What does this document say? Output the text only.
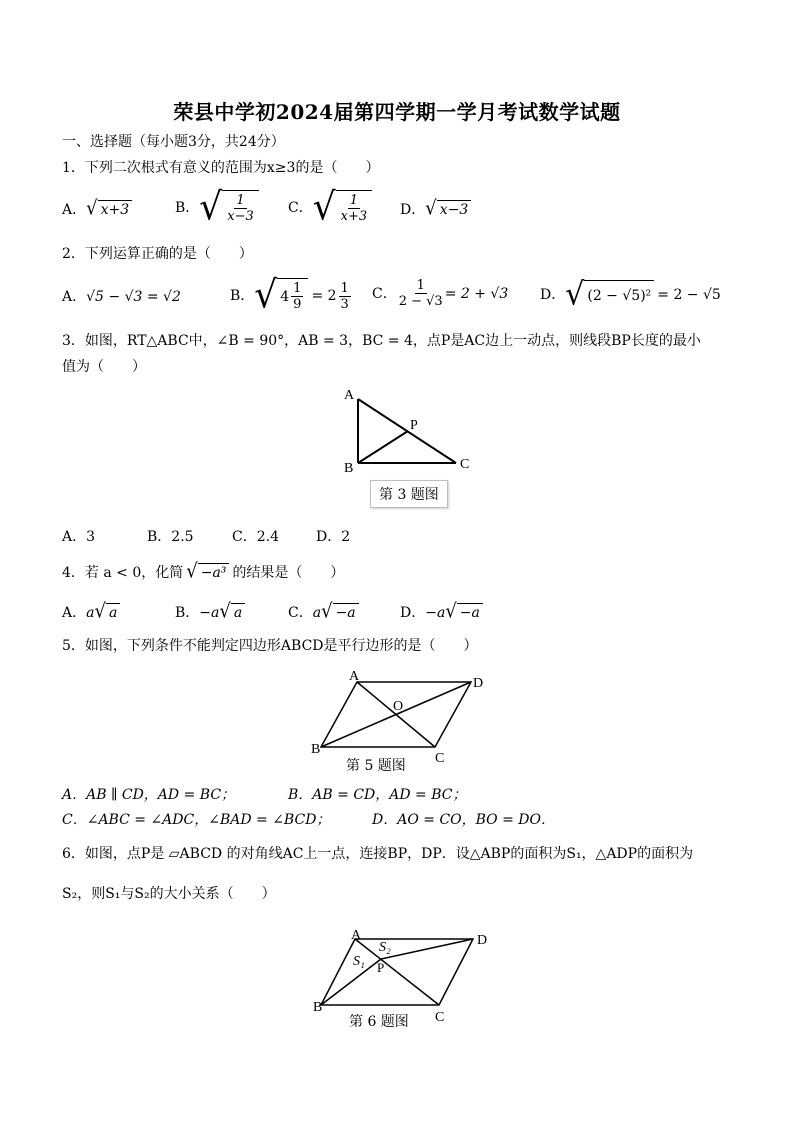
荣县中学初2024届第四学期一学月考试数学试题
一、选择题（每小题3分，共24分）
1．下列二次根式有意义的范围为x≥3的是（　　）
A． √ x+3	B． √ $\frac{1}{x-3}$ C． √ $\frac{1}{x+3}$ D． √ x−3
2．下列运算正确的是（　　）
A． √5 − √3 = √2	B． √ $4 \frac{1}{9} = 2 \frac{1}{3}$ C． $\frac{1}{2 - √3} = 2 + √3$ D． √ (2 − √5)² = 2 − √5
3．如图，RT△ABC中，∠B = 90°，AB = 3，BC = 4，点P是AC边上一动点，则线段BP长度的最小
值为（　　）
A
B	C
P
第 3 题图
A．3	B．2.5	C．2.4	D．2
4．若 a < 0，化简 √ −a³ 的结果是（　　）
A． a √ a	B． −a √ a	C． a √ −a	D． −a √ −a
5．如图，下列条件不能判定四边形ABCD是平行边形的是（　　）
A	D
B
C
O
第 5 题图
A．AB ∥ CD，AD = BC；	B．AB = CD，AD = BC；
C．∠ABC = ∠ADC，∠BAD = ∠BCD；	D．AO = CO，BO = DO．
6．如图，点P是 ▱ABCD 的对角线AC上一点，连接BP，DP．设△ABP的面积为S₁，△ADP的面积为
S₂，则S₁与S₂的大小关系（　　）
A	D
B
C
P
S₁
S₂
第 6 题图
